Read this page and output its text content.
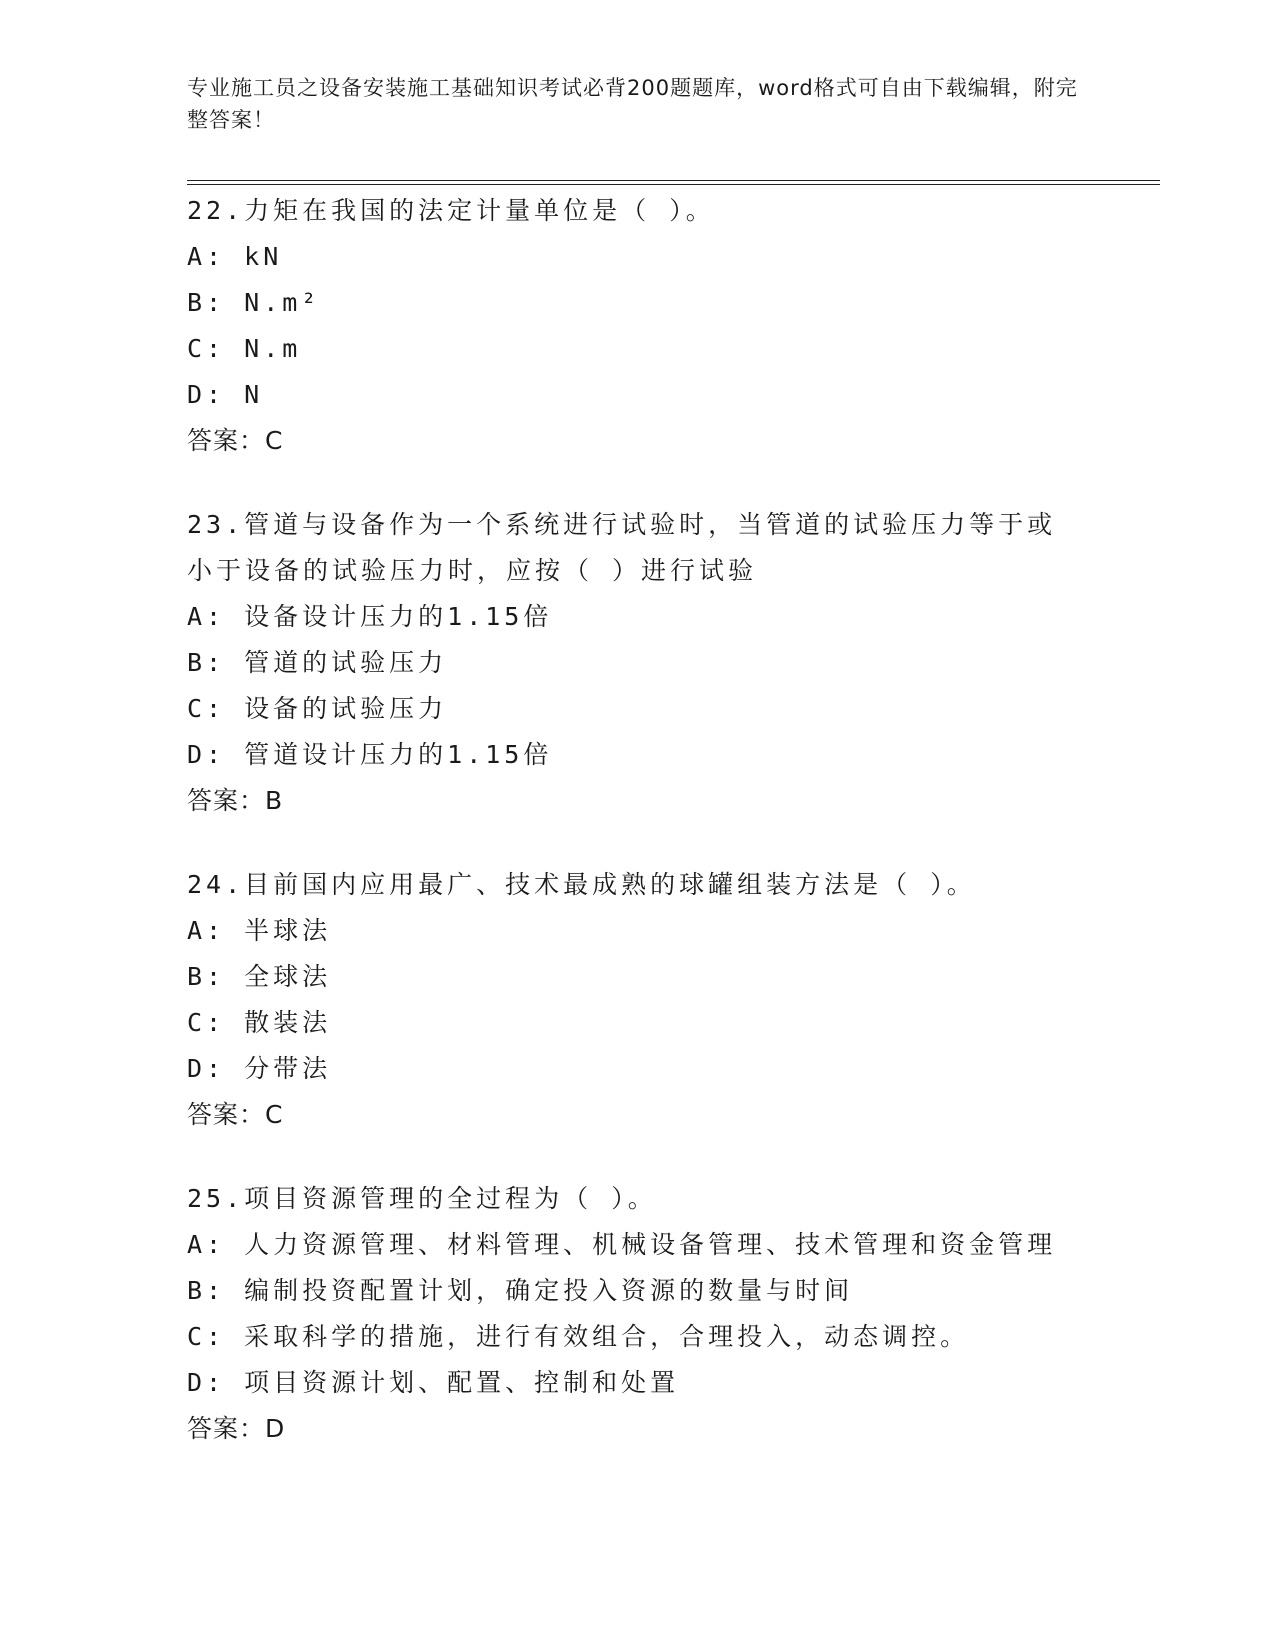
专业施工员之设备安装施工基础知识考试必背200题题库，word格式可自由下载编辑，附完整答案！
22.力矩在我国的法定计量单位是（ ）。
A: kN
B: N.m²
C: N.m
D: N
答案：C
23.管道与设备作为一个系统进行试验时，当管道的试验压力等于或小于设备的试验压力时，应按（ ）进行试验
A: 设备设计压力的1.15倍
B: 管道的试验压力
C: 设备的试验压力
D: 管道设计压力的1.15倍
答案：B
24.目前国内应用最广、技术最成熟的球罐组装方法是（ ）。
A: 半球法
B: 全球法
C: 散装法
D: 分带法
答案：C
25.项目资源管理的全过程为（ ）。
A: 人力资源管理、材料管理、机械设备管理、技术管理和资金管理
B: 编制投资配置计划，确定投入资源的数量与时间
C: 采取科学的措施，进行有效组合，合理投入，动态调控。
D: 项目资源计划、配置、控制和处置
答案：D
